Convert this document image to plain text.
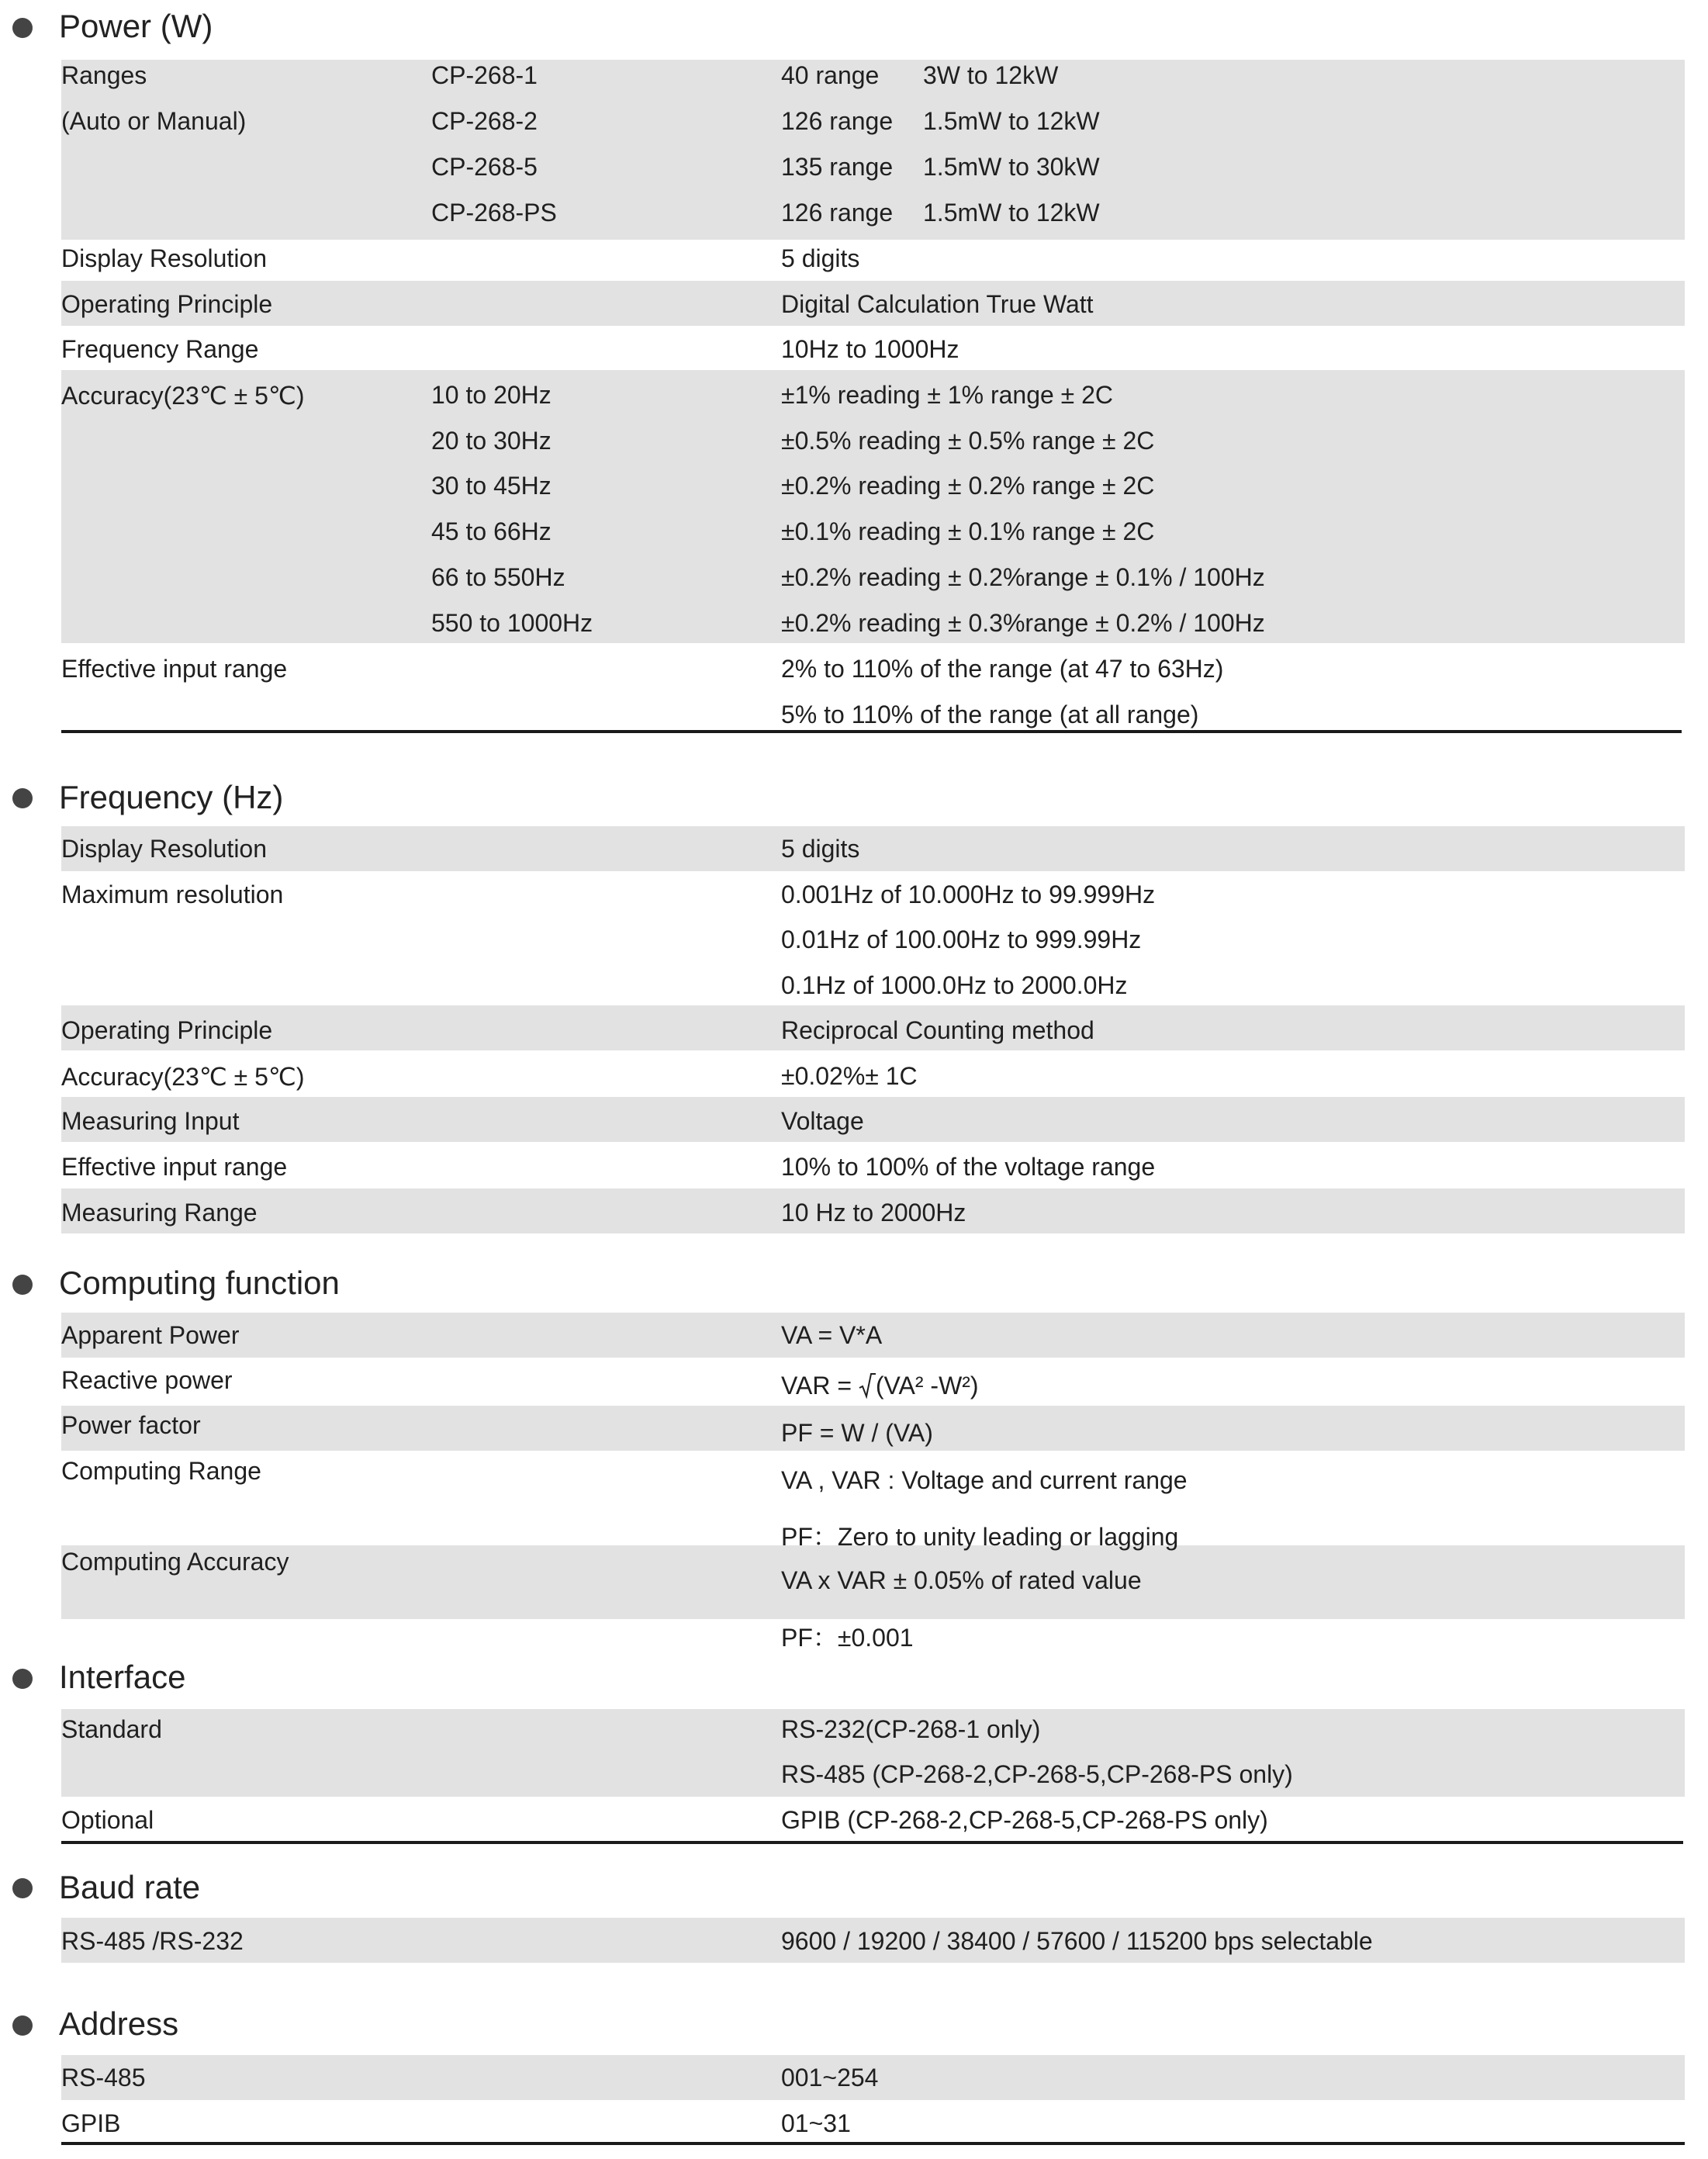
Power (W)
Ranges
(Auto or Manual)
CP-268-1	40 range 3W to 12kW
CP-268-2	126 range 1.5mW to 12kW
CP-268-5	135 range 1.5mW to 30kW
CP-268-PS	126 range 1.5mW to 12kW
Display Resolution	5 digits
Operating Principle	Digital Calculation True Watt
Frequency Range	10Hz to 1000Hz
Accuracy(23℃ ± 5℃)	10 to 20Hz	±1% reading ± 1% range ± 2C
20 to 30Hz	±0.5% reading ± 0.5% range ± 2C
30 to 45Hz	±0.2% reading ± 0.2% range ± 2C
45 to 66Hz	±0.1% reading ± 0.1% range ± 2C
66 to 550Hz	±0.2% reading ± 0.2%range ± 0.1% / 100Hz
550 to 1000Hz	±0.2% reading ± 0.3%range ± 0.2% / 100Hz
Effective input range	2% to 110% of the range (at 47 to 63Hz)
5% to 110% of the range (at all range)
Frequency (Hz)
Display Resolution	5 digits
Maximum resolution	0.001Hz of 10.000Hz to 99.999Hz
0.01Hz of 100.00Hz to 999.99Hz
0.1Hz of 1000.0Hz to 2000.0Hz
Operating Principle	Reciprocal Counting method
Accuracy(23℃ ± 5℃)	±0.02%± 1C
Measuring Input	Voltage
Effective input range	10% to 100% of the voltage range
Measuring Range	10 Hz to 2000Hz
Computing function
Apparent Power	VA = V*A
Reactive power	VAR = (VA² -W²)
Power factor	PF = W / (VA)
Computing Range	VA , VAR : Voltage and current range
PF：Zero to unity leading or lagging
Computing Accuracy
VA x VAR ± 0.05% of rated value
PF：±0.001
Interface
Standard	RS-232(CP-268-1 only)
RS-485 (CP-268-2,CP-268-5,CP-268-PS only)
Optional	GPIB (CP-268-2,CP-268-5,CP-268-PS only)
Baud rate
RS-485 /RS-232	9600 / 19200 / 38400 / 57600 / 115200 bps selectable
Address
RS-485	001~254
GPIB	01~31
